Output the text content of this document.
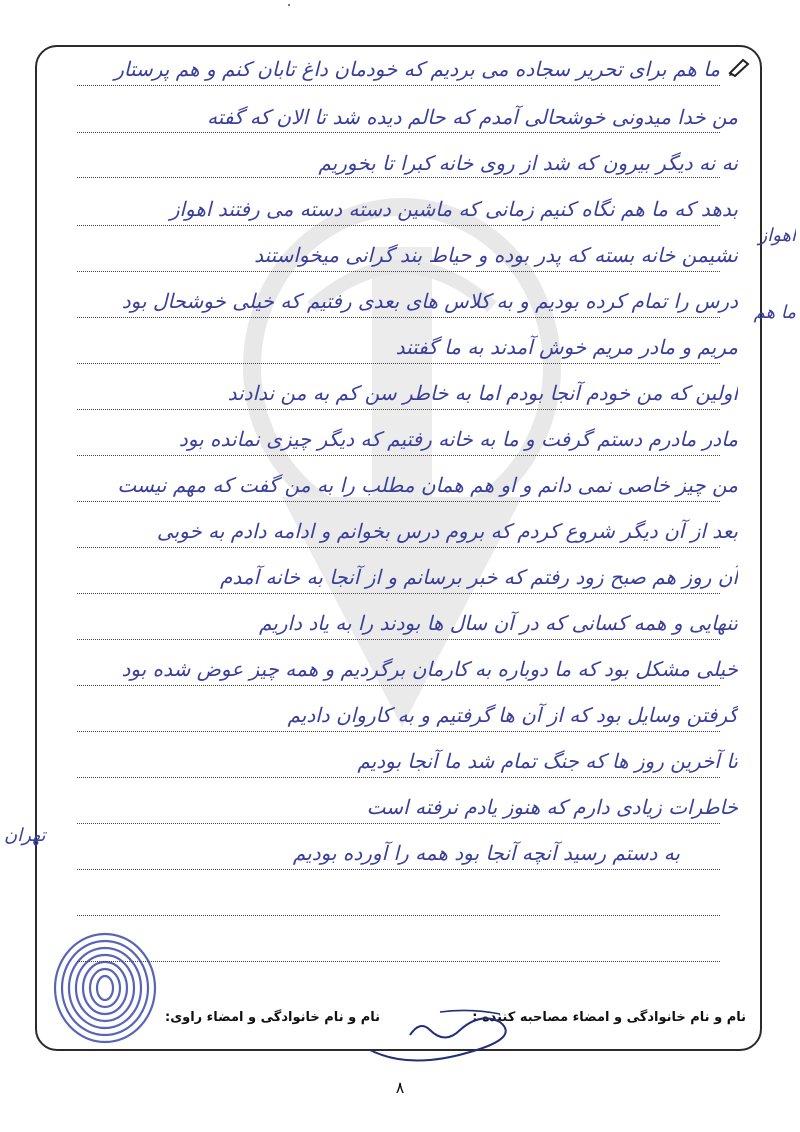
ما هم برای تحریر سجاده می بردیم که خودمان داغ تابان کنم و هم پرستار
من خدا میدونی خوشحالی آمدم که حالم دیده شد تا الان که گفته
نه نه دیگر بیرون که شد از روی خانه کبرا تا بخوریم
بدهد که ما هم نگاه کنیم زمانی که ماشین دسته دسته می رفتند اهواز
نشیمن خانه بسته که پدر بوده و حیاط بند گرانی میخواستند
درس را تمام کرده بودیم و به کلاس های بعدی رفتیم که خیلی خوشحال بود
مریم و مادر مریم خوش آمدند به ما گفتند
اولین که من خودم آنجا بودم اما به خاطر سن کم به من ندادند
مادر مادرم دستم گرفت و ما به خانه رفتیم که دیگر چیزی نمانده بود
من چیز خاصی نمی دانم و او هم همان مطلب را به من گفت که مهم نیست
بعد از آن دیگر شروع کردم که بروم درس بخوانم و ادامه دادم به خوبی
آن روز هم صبح زود رفتم که خبر برسانم و از آنجا به خانه آمدم
تنهایی و همه کسانی که در آن سال ها بودند را به یاد داریم
خیلی مشکل بود که ما دوباره به کارمان برگردیم و همه چیز عوض شده بود
گرفتن وسایل بود که از آن ها گرفتیم و به کاروان دادیم
تا آخرین روز ها که جنگ تمام شد ما آنجا بودیم
خاطرات زیادی دارم که هنوز یادم نرفته است
به دستم رسید آنچه آنجا بود همه را آورده بودیم
نام و نام خانوادگی و امضاء مصاحبه کننده :
نام و نام خانوادگی و امضاء راوی:
اهواز
ما هم
تهران
۸
